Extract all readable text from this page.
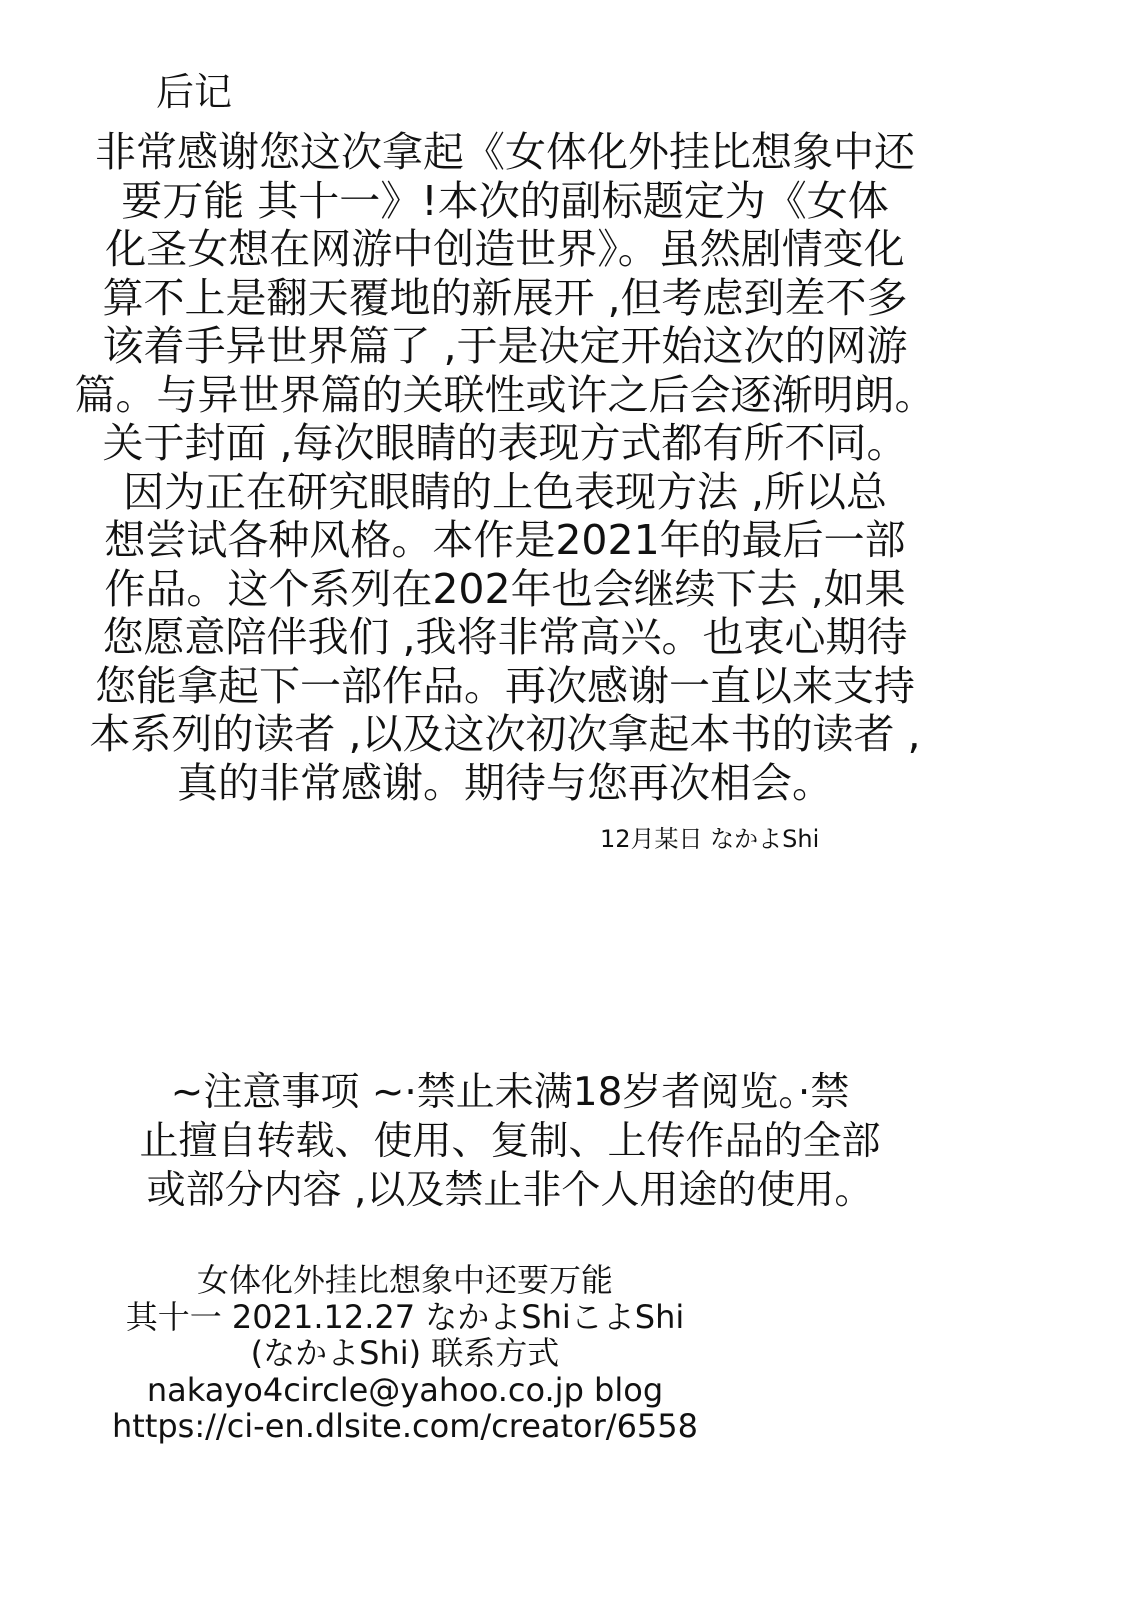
后记
非常感谢您这次拿起《女体化外挂比想象中还
要万能 其十一》!本次的副标题定为《女体
化圣女想在网游中创造世界》。虽然剧情变化
算不上是翻天覆地的新展开 ,但考虑到差不多
该着手异世界篇了 ,于是决定开始这次的网游
篇。与异世界篇的关联性或许之后会逐渐明朗。
关于封面 ,每次眼睛的表现方式都有所不同。
因为正在研究眼睛的上色表现方法 ,所以总
想尝试各种风格。本作是2021年的最后一部
作品。这个系列在202年也会继续下去 ,如果
您愿意陪伴我们 ,我将非常高兴。也衷心期待
您能拿起下一部作品。再次感谢一直以来支持
本系列的读者 ,以及这次初次拿起本书的读者 ,
真的非常感谢。期待与您再次相会。
12月某日 なかよShi
~注意事项 ~·禁止未满18岁者阅览。·禁
止擅自转载、使用、复制、上传作品的全部
或部分内容 ,以及禁止非个人用途的使用。
女体化外挂比想象中还要万能
其十一 2021.12.27 なかよShiこよShi
(なかよShi) 联系方式
nakayo4circle@yahoo.co.jp blog
https://ci-en.dlsite.com/creator/6558
